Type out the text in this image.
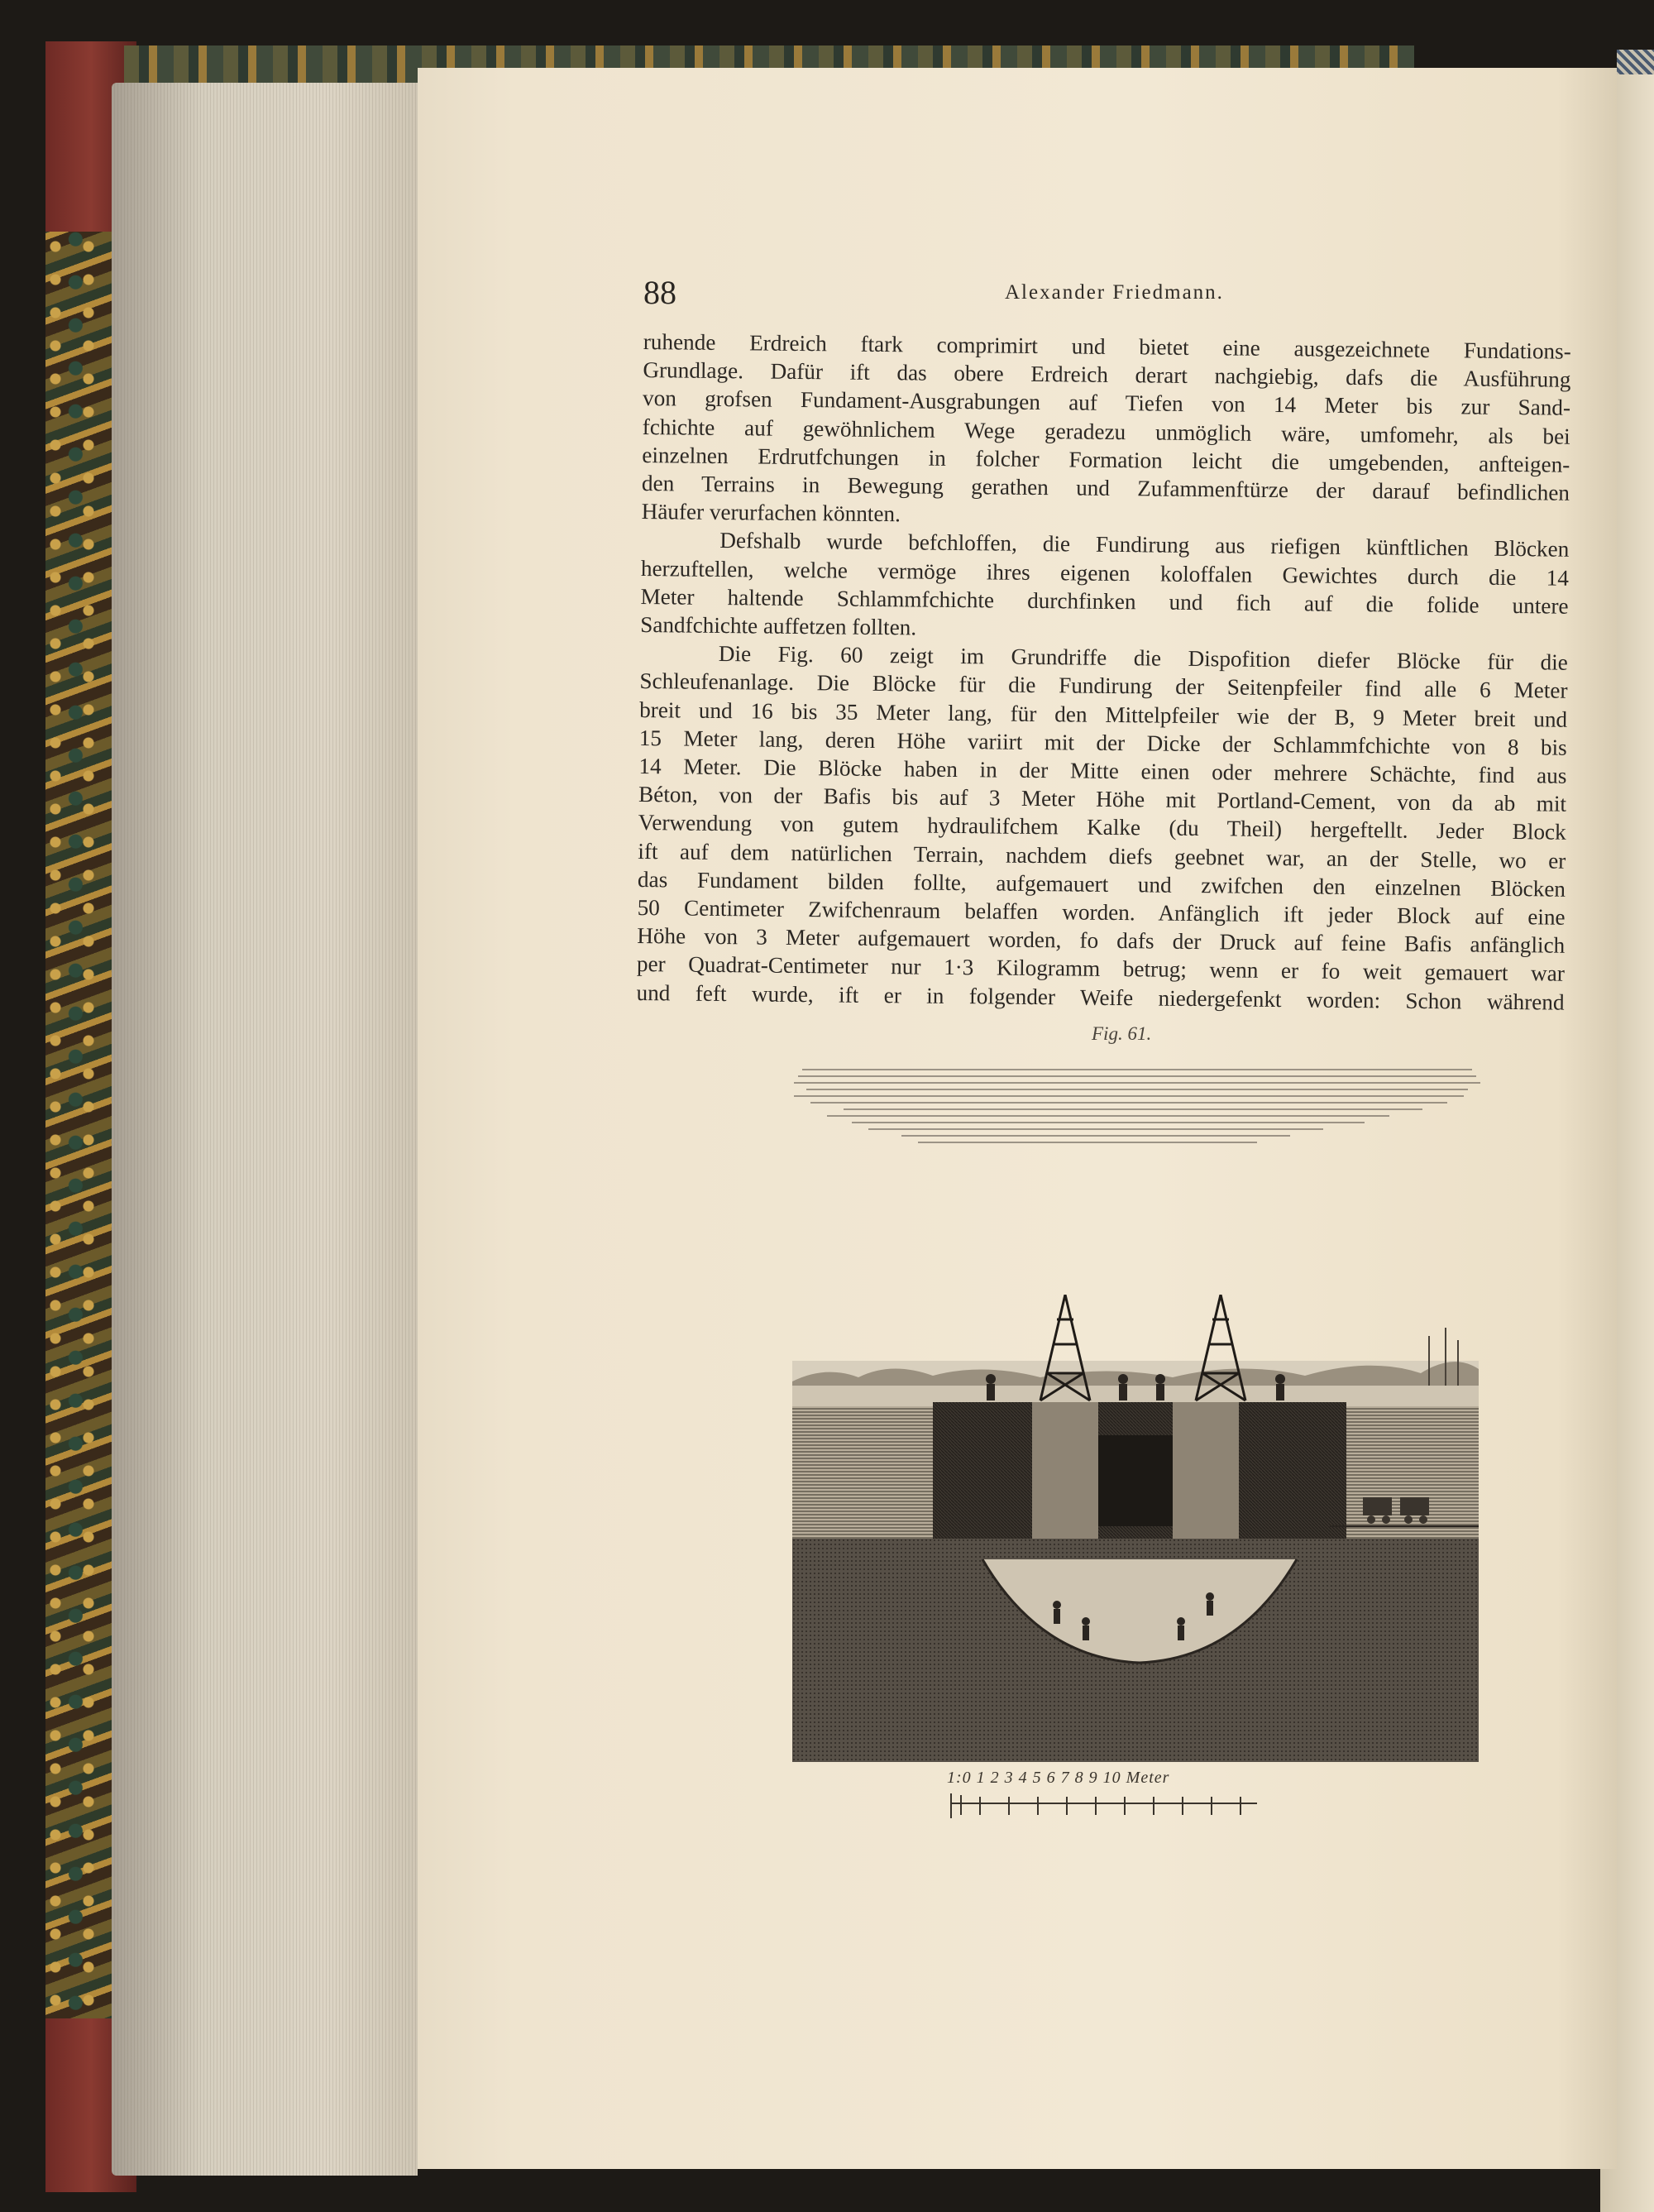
88	Alexander Friedmann.
ruhende Erdreich ftark comprimirt und bietet eine ausgezeichnete Fundations-
Grundlage. Dafür ift das obere Erdreich derart nachgiebig, dafs die Ausführung
von grofsen Fundament-Ausgrabungen auf Tiefen von 14 Meter bis zur Sand-
fchichte auf gewöhnlichem Wege geradezu unmöglich wäre, umfomehr, als bei
einzelnen Erdrutfchungen in folcher Formation leicht die umgebenden, anfteigen-
den Terrains in Bewegung gerathen und Zufammenftürze der darauf befindlichen
Häufer verurfachen könnten.
Defshalb wurde befchloffen, die Fundirung aus riefigen künftlichen Blöcken
herzuftellen, welche vermöge ihres eigenen koloffalen Gewichtes durch die 14
Meter haltende Schlammfchichte durchfinken und fich auf die folide untere
Sandfchichte auffetzen follten.
Die Fig. 60 zeigt im Grundriffe die Dispofition diefer Blöcke für die
Schleufenanlage. Die Blöcke für die Fundirung der Seitenpfeiler find alle 6 Meter
breit und 16 bis 35 Meter lang, für den Mittelpfeiler wie der B, 9 Meter breit und
15 Meter lang, deren Höhe variirt mit der Dicke der Schlammfchichte von 8 bis
14 Meter. Die Blöcke haben in der Mitte einen oder mehrere Schächte, find aus
Béton, von der Bafis bis auf 3 Meter Höhe mit Portland-Cement, von da ab mit
Verwendung von gutem hydraulifchem Kalke (du Theil) hergeftellt. Jeder Block
ift auf dem natürlichen Terrain, nachdem diefs geebnet war, an der Stelle, wo er
das Fundament bilden follte, aufgemauert und zwifchen den einzelnen Blöcken
50 Centimeter Zwifchenraum belaffen worden. Anfänglich ift jeder Block auf eine
Höhe von 3 Meter aufgemauert worden, fo dafs der Druck auf feine Bafis anfänglich
per Quadrat-Centimeter nur 1·3 Kilogramm betrug; wenn er fo weit gemauert war
und feft wurde, ift er in folgender Weife niedergefenkt worden: Schon während
Fig. 61.
1:0 1 2 3 4 5 6 7 8 9 10 Meter
